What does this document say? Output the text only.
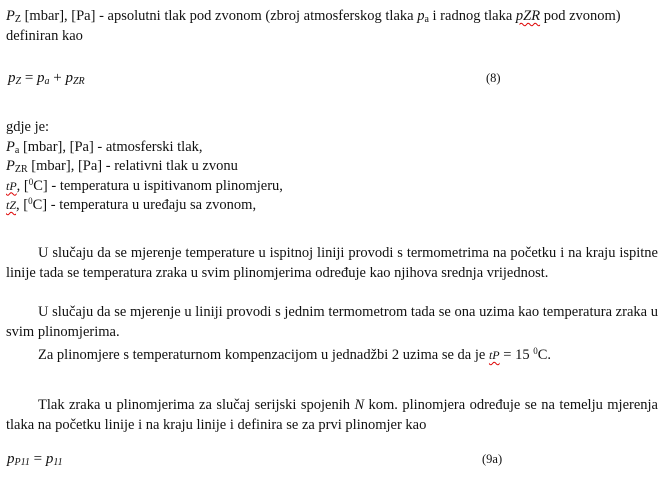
$P_Z$ [mbar], [Pa] - apsolutni tlak pod zvonom (zbroj atmosferskog tlaka $p_a$ i radnog tlaka pZR pod zvonom) definiran kao
$p_Z = p_a + p_{ZR}$	(8)
gdje je:
$P_a$ [mbar], [Pa] - atmosferski tlak,
$P_{ZR}$ [mbar], [Pa] - relativni tlak u zvonu
tP, [$^0$C] - temperatura u ispitivanom plinomjeru,
tZ, [$^0$C] - temperatura u uređaju sa zvonom,
U slučaju da se mjerenje temperature u ispitnoj liniji provodi s termometrima na početku i na kraju ispitne linije tada se temperatura zraka u svim plinomjerima određuje kao njihova srednja vrijednost.
U slučaju da se mjerenje u liniji provodi s jednim termometrom tada se ona uzima kao temperatura zraka u svim plinomjerima.
Za plinomjere s temperaturnom kompenzacijom u jednadžbi 2 uzima se da je tP = 15 $^0$C.
Tlak zraka u plinomjerima za slučaj serijski spojenih N kom. plinomjera određuje se na temelju mjerenja tlaka na početku linije i na kraju linije i definira se za prvi plinomjer kao
$p_{P11} = p_{11}$	(9a)
